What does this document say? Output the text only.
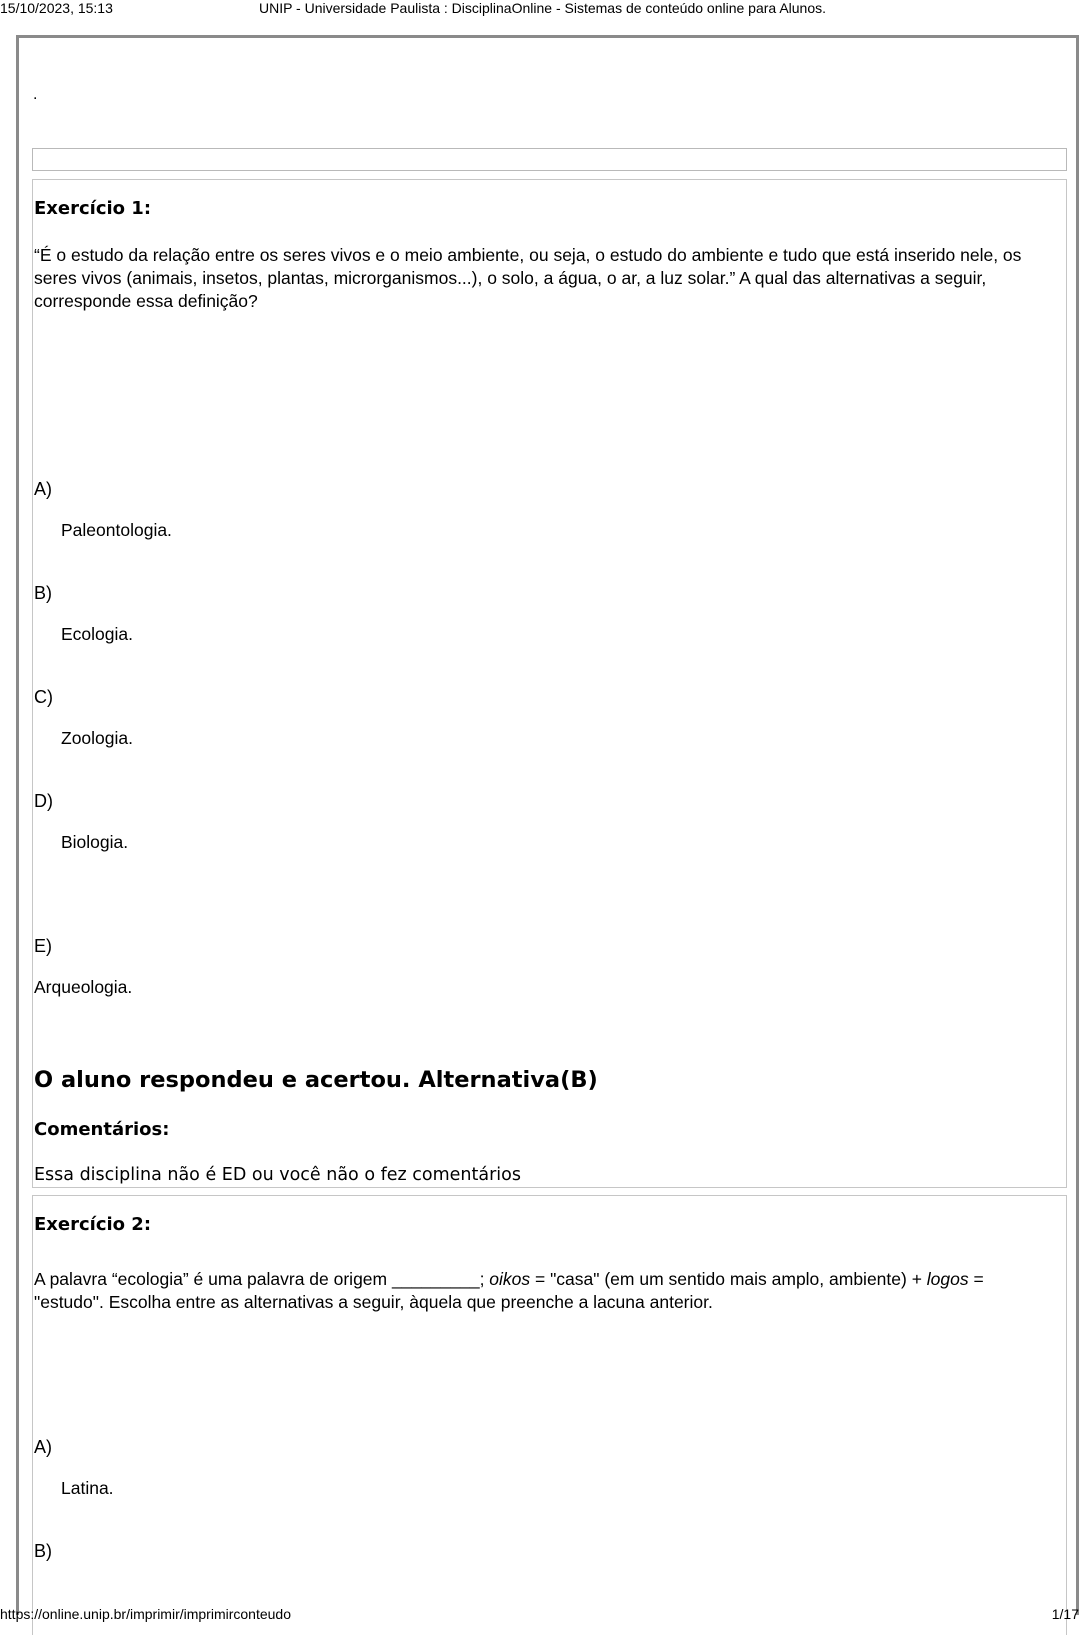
15/10/2023, 15:13	UNIP - Universidade Paulista : DisciplinaOnline - Sistemas de conteúdo online para Alunos.
.
Exercício 1:
“É o estudo da relação entre os seres vivos e o meio ambiente, ou seja, o estudo do ambiente e tudo que está inserido nele, os seres vivos (animais, insetos, plantas, microrganismos...), o solo, a água, o ar, a luz solar.” A qual das alternativas a seguir, corresponde essa definição?
A)
Paleontologia.
B)
Ecologia.
C)
Zoologia.
D)
Biologia.
E)
Arqueologia.
O aluno respondeu e acertou. Alternativa(B)
Comentários:
Essa disciplina não é ED ou você não o fez comentários
Exercício 2:
A palavra “ecologia” é uma palavra de origem _________; oikos = "casa" (em um sentido mais amplo, ambiente) + logos = "estudo". Escolha entre as alternativas a seguir, àquela que preenche a lacuna anterior.
A)
Latina.
B)
https://online.unip.br/imprimir/imprimirconteudo	1/17
